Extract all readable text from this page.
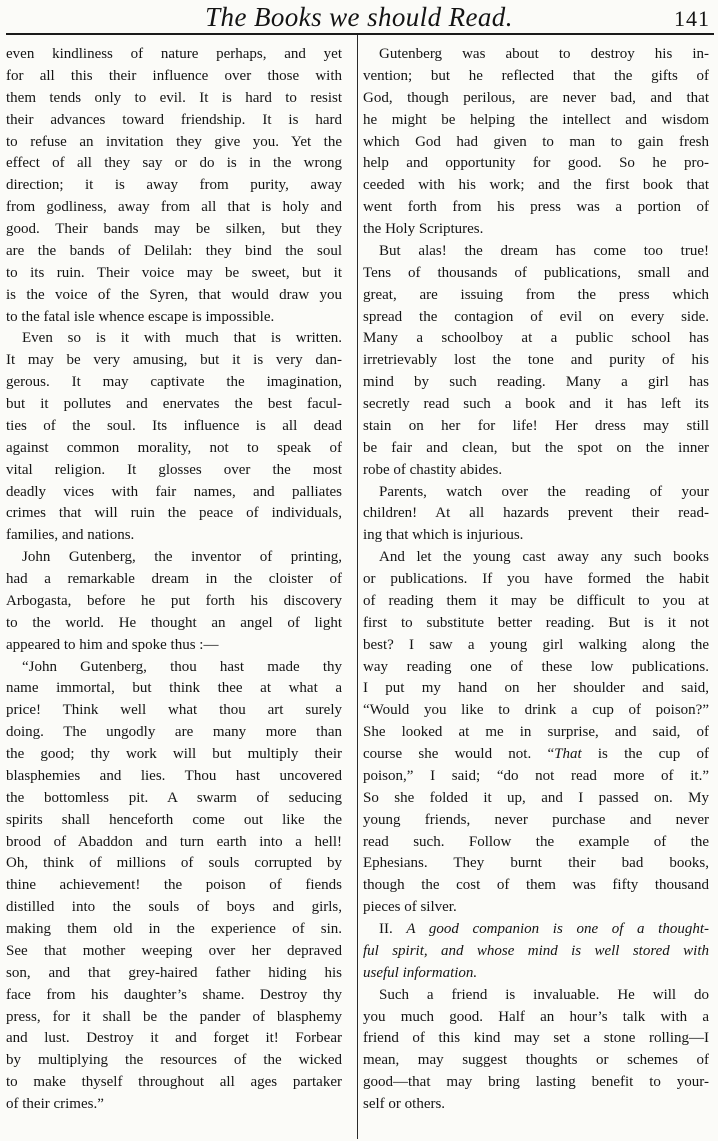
The Books we should Read.	141
even kindliness of nature perhaps, and yet
for all this their influence over those with
them tends only to evil. It is hard to resist
their advances toward friendship. It is hard
to refuse an invitation they give you. Yet the
effect of all they say or do is in the wrong
direction; it is away from purity, away
from godliness, away from all that is holy and
good. Their bands may be silken, but they
are the bands of Delilah: they bind the soul
to its ruin. Their voice may be sweet, but it
is the voice of the Syren, that would draw you
to the fatal isle whence escape is impossible.
Even so is it with much that is written.
It may be very amusing, but it is very dan-
gerous. It may captivate the imagination,
but it pollutes and enervates the best facul-
ties of the soul. Its influence is all dead
against common morality, not to speak of
vital religion. It glosses over the most
deadly vices with fair names, and palliates
crimes that will ruin the peace of individuals,
families, and nations.
John Gutenberg, the inventor of printing,
had a remarkable dream in the cloister of
Arbogasta, before he put forth his discovery
to the world. He thought an angel of light
appeared to him and spoke thus :—
“John Gutenberg, thou hast made thy
name immortal, but think thee at what a
price! Think well what thou art surely
doing. The ungodly are many more than
the good; thy work will but multiply their
blasphemies and lies. Thou hast uncovered
the bottomless pit. A swarm of seducing
spirits shall henceforth come out like the
brood of Abaddon and turn earth into a hell!
Oh, think of millions of souls corrupted by
thine achievement! the poison of fiends
distilled into the souls of boys and girls,
making them old in the experience of sin.
See that mother weeping over her depraved
son, and that grey-haired father hiding his
face from his daughter’s shame. Destroy thy
press, for it shall be the pander of blasphemy
and lust. Destroy it and forget it! Forbear
by multiplying the resources of the wicked
to make thyself throughout all ages partaker
of their crimes.”
Gutenberg was about to destroy his in-
vention; but he reflected that the gifts of
God, though perilous, are never bad, and that
he might be helping the intellect and wisdom
which God had given to man to gain fresh
help and opportunity for good. So he pro-
ceeded with his work; and the first book that
went forth from his press was a portion of
the Holy Scriptures.
But alas! the dream has come too true!
Tens of thousands of publications, small and
great, are issuing from the press which
spread the contagion of evil on every side.
Many a schoolboy at a public school has
irretrievably lost the tone and purity of his
mind by such reading. Many a girl has
secretly read such a book and it has left its
stain on her for life! Her dress may still
be fair and clean, but the spot on the inner
robe of chastity abides.
Parents, watch over the reading of your
children! At all hazards prevent their read-
ing that which is injurious.
And let the young cast away any such books
or publications. If you have formed the habit
of reading them it may be difficult to you at
first to substitute better reading. But is it not
best? I saw a young girl walking along the
way reading one of these low publications.
I put my hand on her shoulder and said,
“Would you like to drink a cup of poison?”
She looked at me in surprise, and said, of
course she would not. “That is the cup of
poison,” I said; “do not read more of it.”
So she folded it up, and I passed on. My
young friends, never purchase and never
read such. Follow the example of the
Ephesians. They burnt their bad books,
though the cost of them was fifty thousand
pieces of silver.
II. A good companion is one of a thought-
ful spirit, and whose mind is well stored with
useful information.
Such a friend is invaluable. He will do
you much good. Half an hour’s talk with a
friend of this kind may set a stone rolling—I
mean, may suggest thoughts or schemes of
good—that may bring lasting benefit to your-
self or others.
